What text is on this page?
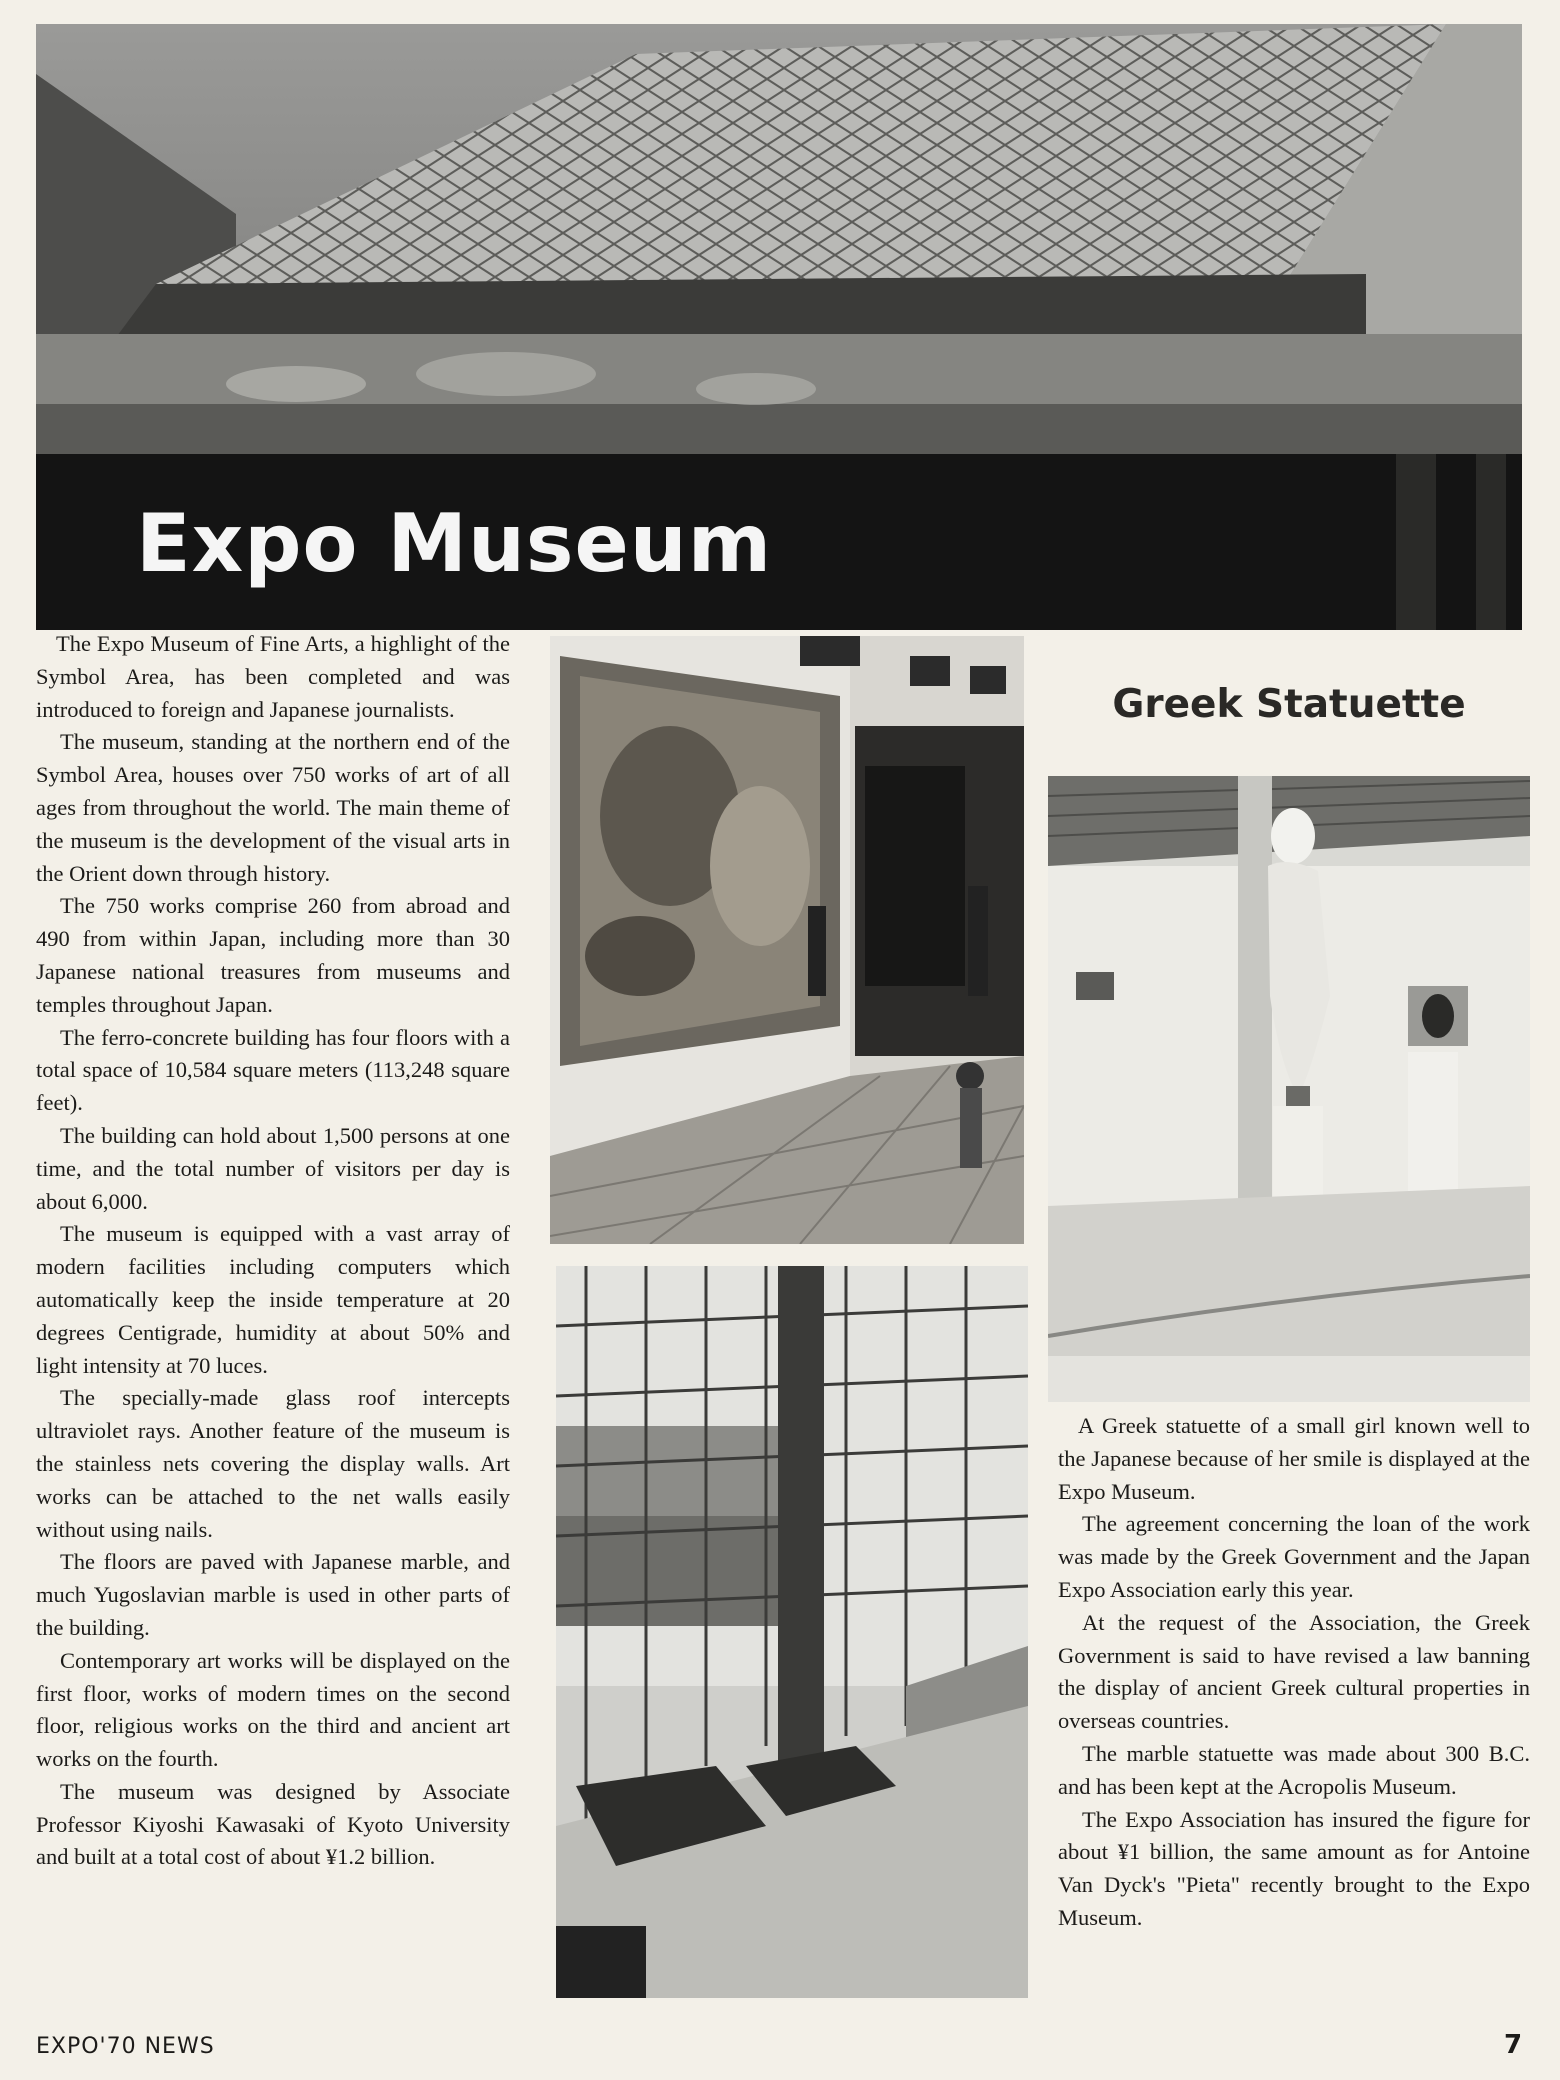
Expo Museum

The Expo Museum of Fine Arts, a highlight of the Symbol Area, has been completed and was introduced to foreign and Japanese journalists.

The museum, standing at the northern end of the Symbol Area, houses over 750 works of art of all ages from throughout the world. The main theme of the museum is the development of the visual arts in the Orient down through history.

The 750 works comprise 260 from abroad and 490 from within Japan, including more than 30 Japanese national treasures from museums and temples throughout Japan.

The ferro-concrete building has four floors with a total space of 10,584 square meters (113,248 square feet).

The building can hold about 1,500 persons at one time, and the total number of visitors per day is about 6,000.

The museum is equipped with a vast array of modern facilities including computers which automatically keep the inside temperature at 20 degrees Centigrade, humidity at about 50% and light intensity at 70 luces.

The specially-made glass roof intercepts ultraviolet rays. Another feature of the museum is the stainless nets covering the display walls. Art works can be attached to the net walls easily without using nails.

The floors are paved with Japanese marble, and much Yugoslavian marble is used in other parts of the building.

Contemporary art works will be displayed on the first floor, works of modern times on the second floor, religious works on the third and ancient art works on the fourth.

The museum was designed by Associate Professor Kiyoshi Kawasaki of Kyoto University and built at a total cost of about ¥1.2 billion.

Greek Statuette

A Greek statuette of a small girl known well to the Japanese because of her smile is displayed at the Expo Museum.

The agreement concerning the loan of the work was made by the Greek Government and the Japan Expo Association early this year.

At the request of the Association, the Greek Government is said to have revised a law banning the display of ancient Greek cultural properties in overseas countries.

The marble statuette was made about 300 B.C. and has been kept at the Acropolis Museum.

The Expo Association has insured the figure for about ¥1 billion, the same amount as for Antoine Van Dyck's "Pieta" recently brought to the Expo Museum.

EXPO'70 NEWS	7
